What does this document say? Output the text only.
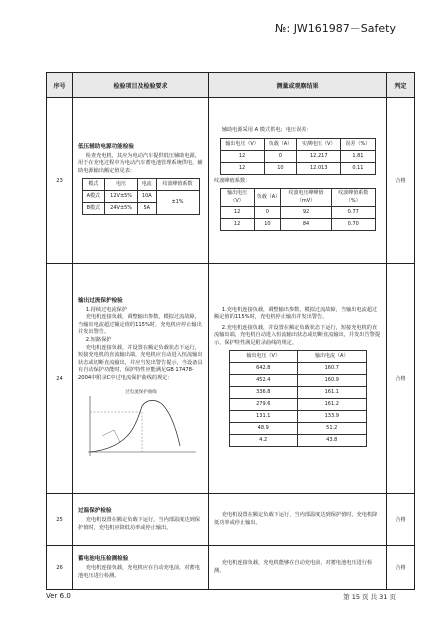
№: JW161987－Safety
序号	检验项目及检验要求	测量或观察结果	判定
23	
低压辅助电源功能检验
检查充电机，其应为电动汽车提供低压辅助电源，用于在充电过程中为电动汽车蓄电池管理系统供电，辅助电源输出额定值见表：
模式	电压	电流	纹波峰值系数
A模式	12V±5%	10A	±1%
B模式	24V±5%	5A

辅助电源采用 A 模式供电；电压误差：
输出电压（V）	负载（A）	实测电压（V）	误差（%）
12	0	12.217	1.81
12	10	12.013	0.11
纹波峰值系数：
输出电压（V）	负载（A）	纹波电压峰峰值（mV）	纹波峰值系数（%）
12	0	92	0.77
12	10	84	0.70
	合格
24	
输出过流保护检验
1.持续过电流保护
充电机连接负载，调整输出参数，模拟过流故障，当输出电流超过额定值的115%时，充电机应停止输出并发出警告。
2.短路保护
充电机连接负载，并设置在额定负载状态下运行，短接充电机的直流输出端，充电机应自动进入恒流输出状态或切断直流输出，并应当发出警告提示，当设备具有自动保护功能时，保护特性应能满足GB 17478-2004中附录C中过电流保护曲线的规定：
过电流保护曲线

1.充电机连接负载，调整输出参数，模拟过流故障，当输出电流超过额定值的115%时，充电机停止输出并发出警告。
2.充电机连接负载，并设置在额定负载状态下运行，短接充电机的直流输出端，充电机自动进入恒流输出状态或切断直流输出，并发出告警提示，保护特性满足附录曲线的规定。
输出电压（V）	输出电流（A）
642.8	160.7
452.4	160.9
336.8	161.1
279.6	161.2
131.1	133.9
48.9	51.2
4.2	43.8
	合格
25	
过温保护检验
充电机设置在额定负载下运行，当内部温度达到保护值时，充电机应降低功率或停止输出。

充电机设置在额定负载下运行，当内部温度达到保护值时，充电机降低功率或停止输出。	合格
26	
蓄电池电压检测检验
充电机连接负载，充电机应在自动充电前，对蓄电池电压进行检测。

充电机连接负载，充电机能够在自动充电前，对蓄电池电压进行检测。	合格
Ver 6.0	第 15 页 共 31 页
